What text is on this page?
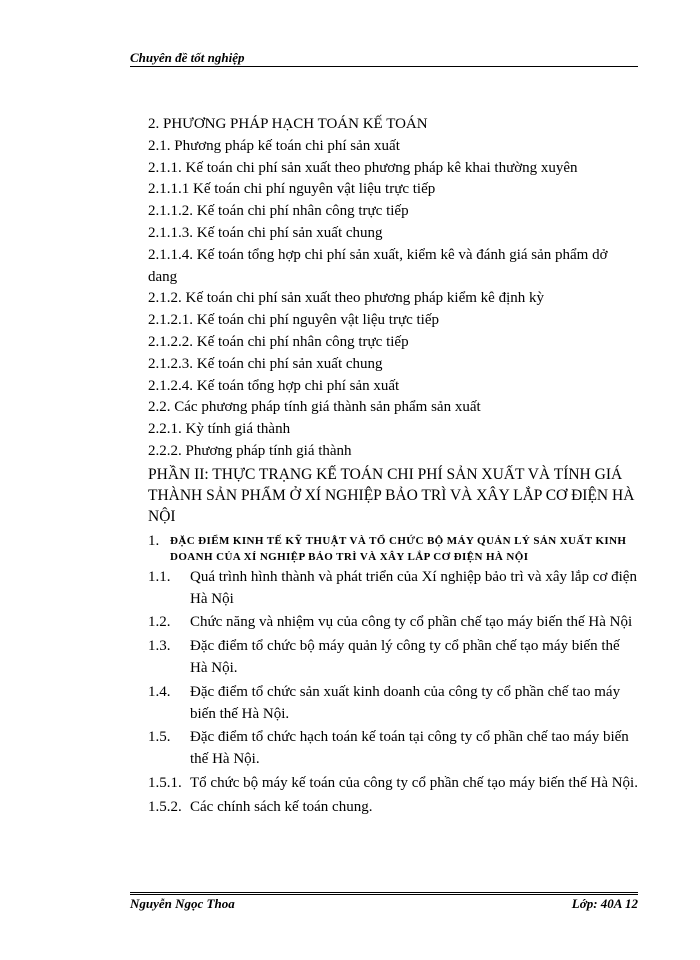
Chuyên đề tốt nghiệp
2. PHƯƠNG PHÁP HẠCH TOÁN KẾ TOÁN
2.1. Phương pháp kế toán chi phí sản xuất
2.1.1. Kế toán chi phí sản xuất theo phương pháp kê khai thường xuyên
2.1.1.1 Kế toán chi phí nguyên vật liệu trực tiếp
2.1.1.2. Kế toán chi phí nhân công trực tiếp
2.1.1.3. Kế toán chi phí sản xuất chung
2.1.1.4. Kế toán tổng hợp chi phí sản xuất, kiểm kê và đánh giá sản phẩm dở dang
2.1.2. Kế toán chi phí sản xuất theo phương pháp kiểm kê định kỳ
2.1.2.1. Kế toán chi phí nguyên vật liệu trực tiếp
2.1.2.2. Kế toán chi phí nhân công trực tiếp
2.1.2.3. Kế toán chi phí sản xuất chung
2.1.2.4. Kế toán tổng hợp chi phí sản xuất
2.2. Các phương pháp tính giá thành sản phẩm sản xuất
2.2.1. Kỳ tính giá thành
2.2.2. Phương pháp tính giá thành
PHẦN II: THỰC TRẠNG KẾ TOÁN CHI PHÍ SẢN XUẤT VÀ TÍNH GIÁ THÀNH SẢN PHẨM Ở XÍ NGHIỆP BẢO TRÌ VÀ XÂY LẮP CƠ ĐIỆN HÀ NỘI
1. ĐẶC ĐIỂM KINH TẾ KỸ THUẬT VÀ TỔ CHỨC BỘ MÁY QUẢN LÝ SẢN XUẤT KINH DOANH CỦA XÍ NGHIỆP BẢO TRÌ VÀ XÂY LẮP CƠ ĐIỆN HÀ NỘI
1.1.	Quá trình hình thành và phát triển của Xí nghiệp bảo trì và xây lắp cơ điện Hà Nội
1.2.	Chức năng và nhiệm vụ của công ty cổ phần chế tạo máy biến thế Hà Nội
1.3.	Đặc điểm tổ chức bộ máy quản lý công ty cổ phần chế tạo máy biến thế Hà Nội.
1.4.	Đặc điểm tổ chức sản xuất kinh doanh của công ty cổ phần chế tao máy biến thế Hà Nội.
1.5.	Đặc điểm tổ chức hạch toán kế toán tại công ty cổ phần chế tao máy biến thế Hà Nội.
1.5.1. Tổ chức bộ máy kế toán của công ty cổ phần chế tạo máy biến thế Hà Nội.
1.5.2. Các chính sách kế toán chung.
Nguyễn Ngọc Thoa	Lớp: 40A 12
